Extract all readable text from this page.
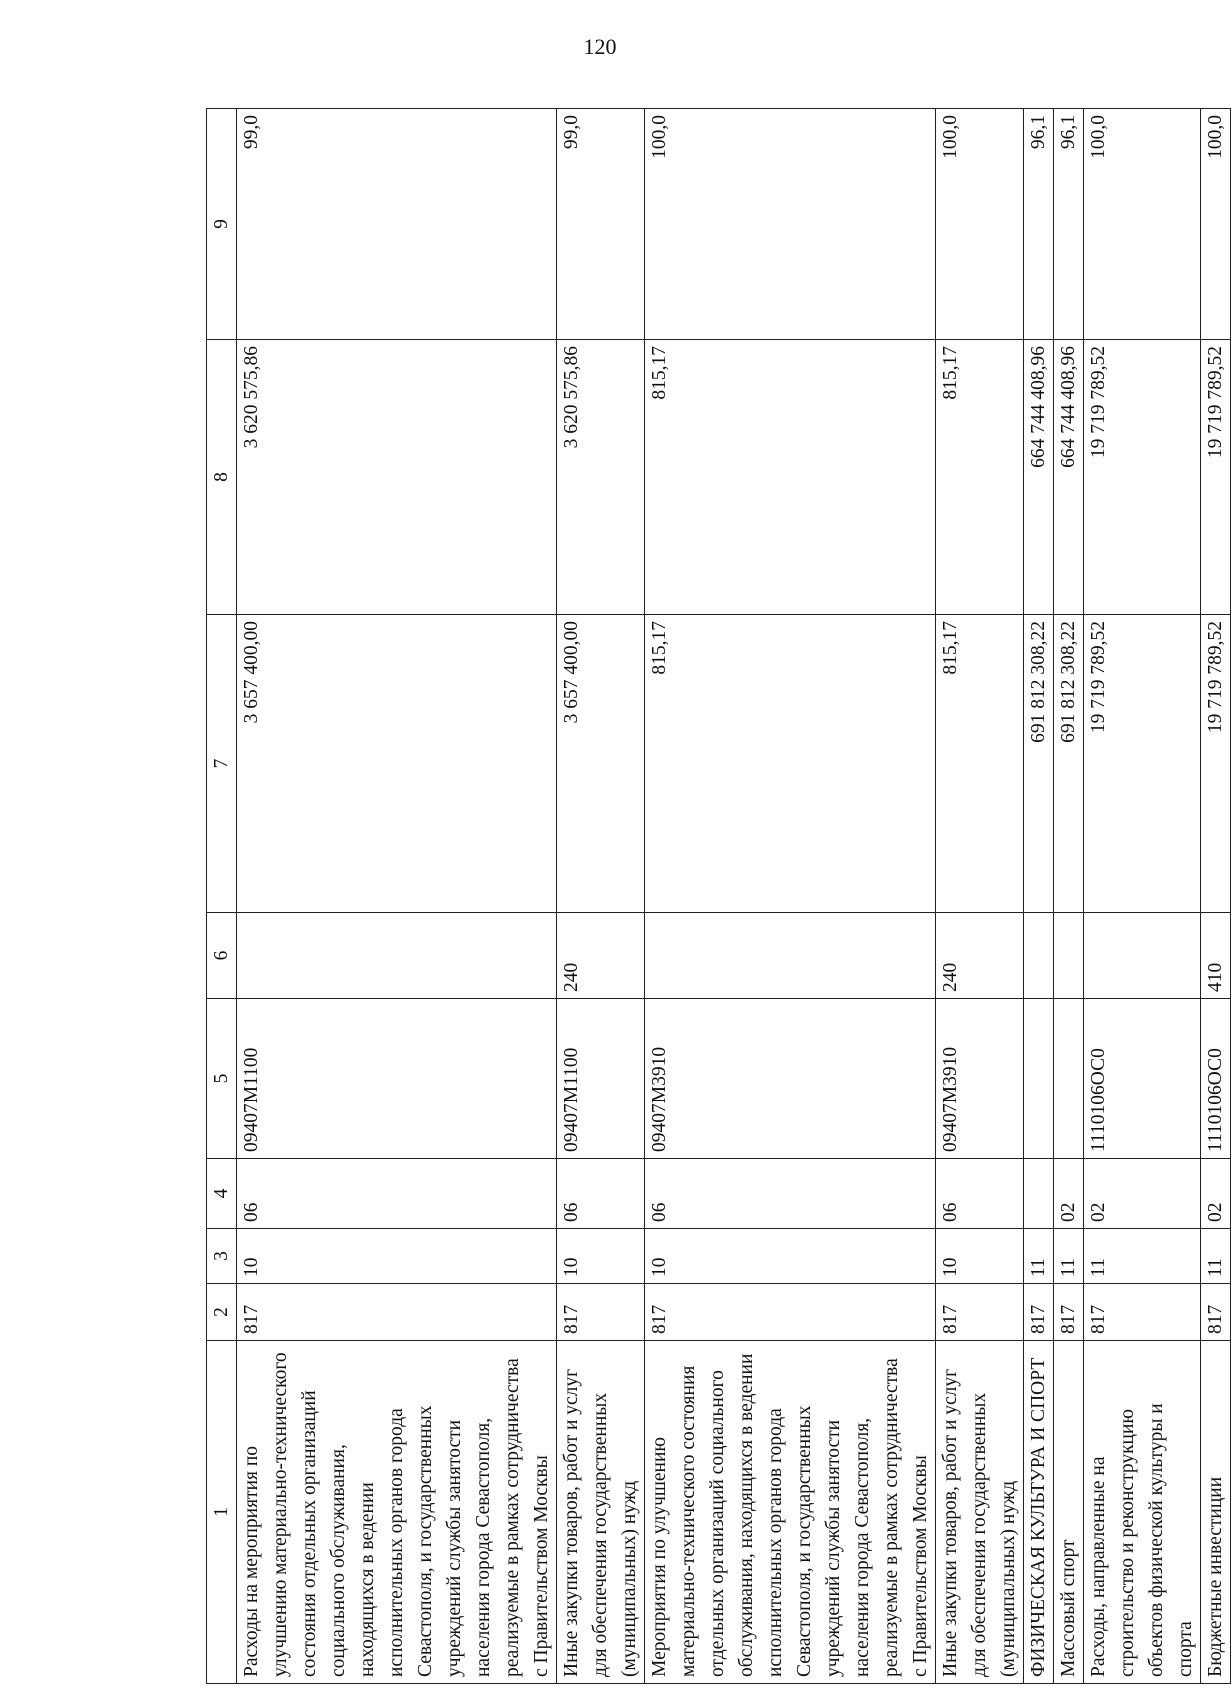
120
1	2	3	4	5	6	7	8	9
Расходы на мероприятия по улучшению материально-технического состояния отдельных организаций социального обслуживания, находящихся в ведении исполнительных органов города Севастополя, и государственных учреждений службы занятости населения города Севастополя, реализуемые в рамках сотрудничества с Правительством Москвы	817	10	06	09407М1100		3 657 400,00	3 620 575,86	99,0
Иные закупки товаров, работ и услуг для обеспечения государственных (муниципальных) нужд	817	10	06	09407М1100	240	3 657 400,00	3 620 575,86	99,0
Мероприятия по улучшению материально-технического состояния отдельных организаций социального обслуживания, находящихся в ведении исполнительных органов города Севастополя, и государственных учреждений службы занятости населения города Севастополя, реализуемые в рамках сотрудничества с Правительством Москвы	817	10	06	09407М3910		815,17	815,17	100,0
Иные закупки товаров, работ и услуг для обеспечения государственных (муниципальных) нужд	817	10	06	09407М3910	240	815,17	815,17	100,0
ФИЗИЧЕСКАЯ КУЛЬТУРА И СПОРТ	817	11				691 812 308,22	664 744 408,96	96,1
Массовый спорт	817	11	02			691 812 308,22	664 744 408,96	96,1
Расходы, направленные на строительство и реконструкцию объектов физической культуры и спорта	817	11	02	1110106ОС0		19 719 789,52	19 719 789,52	100,0
Бюджетные инвестиции	817	11	02	1110106ОС0	410	19 719 789,52	19 719 789,52	100,0
